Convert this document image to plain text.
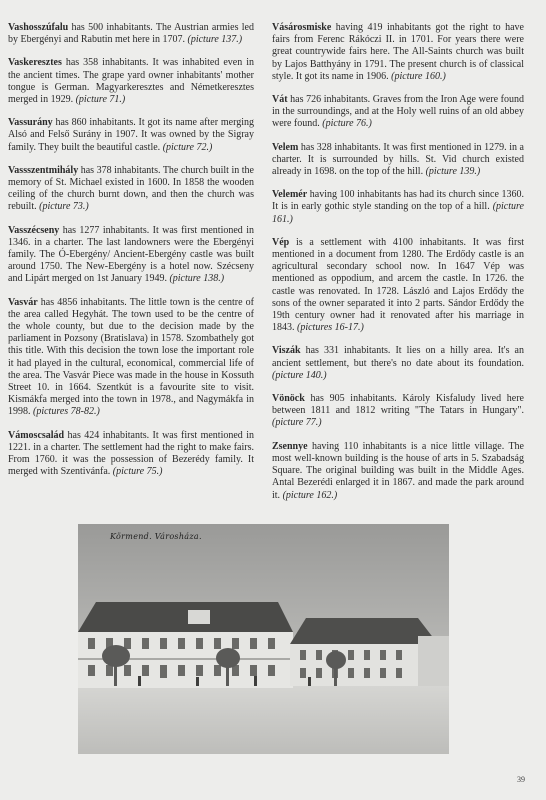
Vashosszúfalu has 500 inhabitants. The Austrian armies led by Ebergényi and Rabutin met here in 1707. (picture 137.)

Vaskeresztes has 358 inhabitants. It was inhabited even in the ancient times. The grape yard owner inhabitants' mother tongue is German. Magyarkeresztes and Németkeresztes merged in 1929. (picture 71.)

Vassurány has 860 inhabitants. It got its name after merging Alsó and Felső Surány in 1907. It was owned by the Sigray family. They built the beautiful castle. (picture 72.)

Vassszentmihály has 378 inhabitants. The church built in the memory of St. Michael existed in 1600. In 1858 the wooden ceiling of the church burnt down, and then the church was rebuilt. (picture 73.)

Vasszécseny has 1277 inhabitants. It was first mentioned in 1346. in a charter. The last landowners were the Ebergényi family. The Ó-Ebergény/ Ancient-Ebergény castle was built around 1750. The New-Ebergény is a hotel now. Szécseny and Lipárt merged on 1st January 1949. (picture 138.)

Vasvár has 4856 inhabitants. The little town is the centre of the area called Hegyhát. The town used to be the centre of the whole county, but due to the decision made by the parliament in Pozsony (Bratislava) in 1578. Szombathely got this title. With this decision the town lose the important role it had played in the cultural, economical, commercial life of the area. The Vasvár Piece was made in the house in Kossuth Street 10. in 1664. Szentkút is a favourite site to visit. Kismákfa merged into the town in 1978., and Nagymákfa in 1998. (pictures 78-82.)

Vámoscsalád has 424 inhabitants. It was first mentioned in 1221. in a charter. The settlement had the right to make fairs. From 1760. it was the possession of Bezerédy family. It merged with Szentivánfa. (picture 75.)

Vásárosmiske having 419 inhabitants got the right to have fairs from Ferenc Rákóczi II. in 1701. For years there were great countrywide fairs here. The All-Saints church was built by Lajos Batthyány in 1791. The present church is of classical style. It got its name in 1906. (picture 160.)

Vát has 726 inhabitants. Graves from the Iron Age were found in the surroundings, and at the Holy well ruins of an old abbey were found. (picture 76.)

Velem has 328 inhabitants. It was first mentioned in 1279. in a charter. It is surrounded by hills. St. Vid church existed already in 1698. on the top of the hill. (picture 139.)

Velemér having 100 inhabitants has had its church since 1360. It is in early gothic style standing on the top of a hill. (picture 161.)

Vép is a settlement with 4100 inhabitants. It was first mentioned in a document from 1280. The Erdődy castle is an agricultural secondary school now. In 1647 Vép was mentioned as oppodium, and arcem the castle. In 1726. the castle was renovated. In 1728. László and Lajos Erdődy the sons of the owner separated it into 2 parts. Sándor Erdődy the 19th century owner had it renovated after his marriage in 1843. (pictures 16-17.)

Viszák has 331 inhabitants. It lies on a hilly area. It's an ancient settlement, but there's no date about its foundation. (picture 140.)

Vönöck has 905 inhabitants. Károly Kisfaludy lived here between 1811 and 1812 writing "The Tatars in Hungary". (picture 77.)

Zsennye having 110 inhabitants is a nice little village. The most well-known building is the house of arts in 5. Szabadság Square. The original building was built in the Middle Ages. Antal Bezerédi enlarged it in 1867. and made the park around it. (picture 162.)

Körmend. Városháza.
39
